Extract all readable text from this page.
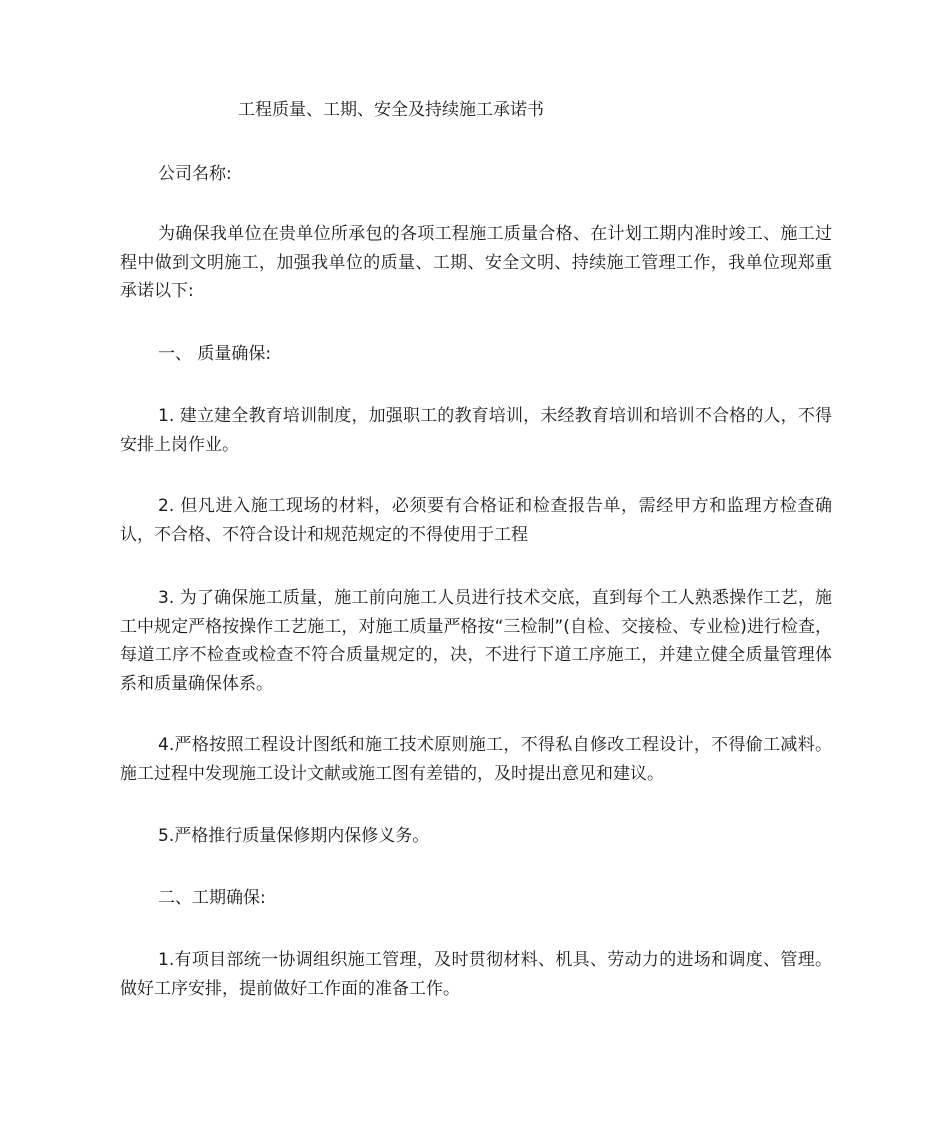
工程质量、工期、安全及持续施工承诺书

公司名称:

为确保我单位在贵单位所承包的各项工程施工质量合格、在计划工期内准时竣工、施工过程中做到文明施工，加强我单位的质量、工期、安全文明、持续施工管理工作，我单位现郑重承诺以下:

一、 质量确保:

1. 建立建全教育培训制度，加强职工的教育培训，未经教育培训和培训不合格的人，不得安排上岗作业。

2. 但凡进入施工现场的材料，必须要有合格证和检查报告单，需经甲方和监理方检查确认，不合格、不符合设计和规范规定的不得使用于工程

3. 为了确保施工质量，施工前向施工人员进行技术交底，直到每个工人熟悉操作工艺，施工中规定严格按操作工艺施工，对施工质量严格按“三检制”(自检、交接检、专业检)进行检查，每道工序不检查或检查不符合质量规定的，决，不进行下道工序施工，并建立健全质量管理体系和质量确保体系。

4.严格按照工程设计图纸和施工技术原则施工，不得私自修改工程设计，不得偷工减料。施工过程中发现施工设计文献或施工图有差错的，及时提出意见和建议。

5.严格推行质量保修期内保修义务。

二、工期确保:

1.有项目部统一协调组织施工管理，及时贯彻材料、机具、劳动力的进场和调度、管理。做好工序安排，提前做好工作面的准备工作。
